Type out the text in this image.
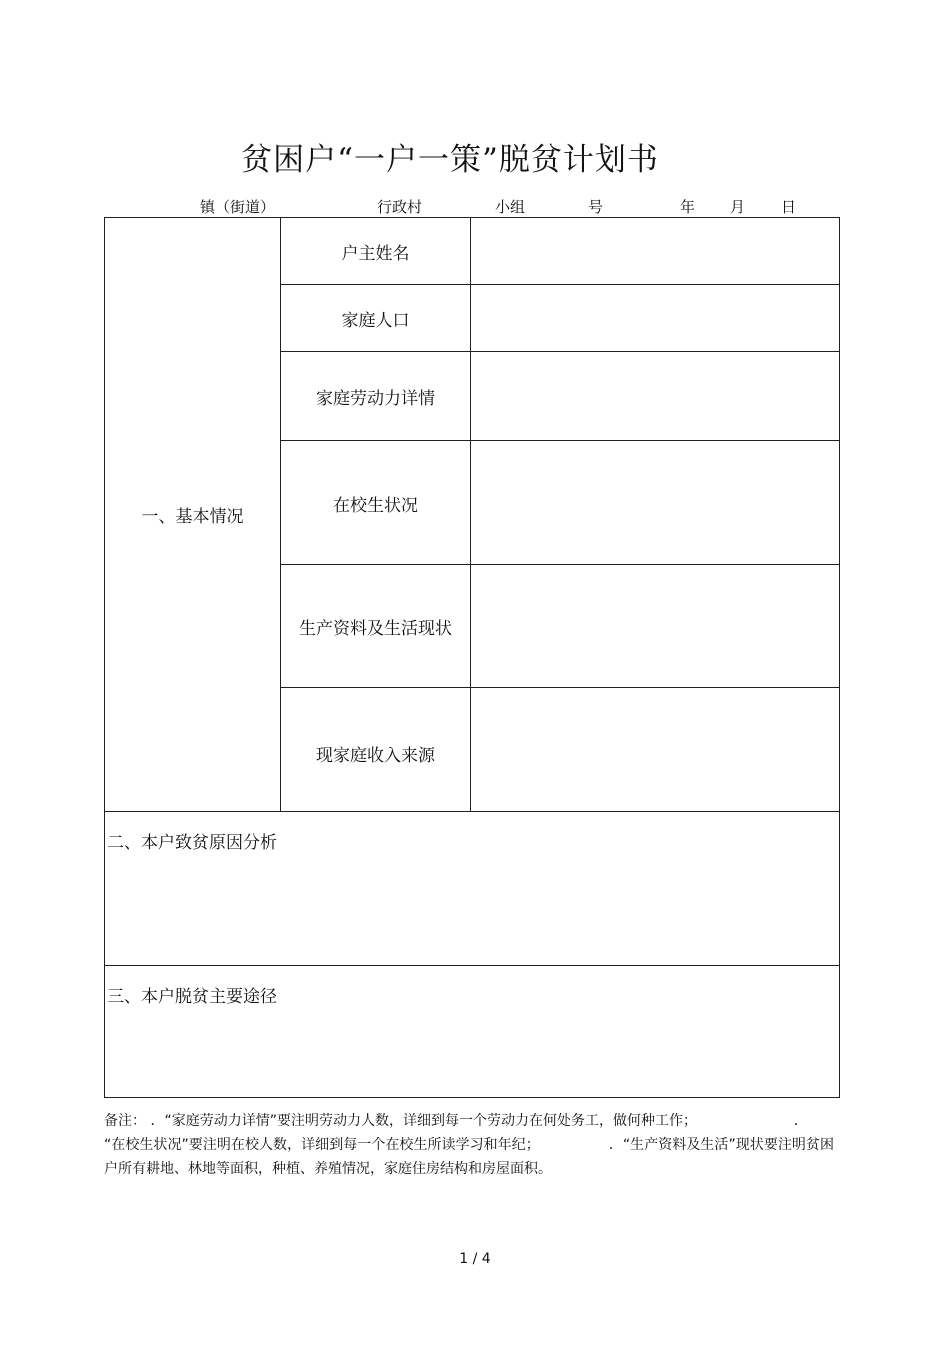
贫困户“一户一策”脱贫计划书
镇（街道）	行政村	小组	号	年 月 日
一、基本情况	户主姓名	
	家庭人口	
	家庭劳动力详情	
	在校生状况	
	生产资料及生活现状	
	现家庭收入来源	
二、本户致贫原因分析		
三、本户脱贫主要途径		
备注： ．“家庭劳动力详情”要注明劳动力人数，详细到每一个劳动力在何处务工，做何种工作；	．
“在校生状况”要注明在校人数，详细到每一个在校生所读学习和年纪；	．“生产资料及生活”现状要注明贫困户所有耕地、林地等面积，种植、养殖情况，家庭住房结构和房屋面积。
1 / 4
